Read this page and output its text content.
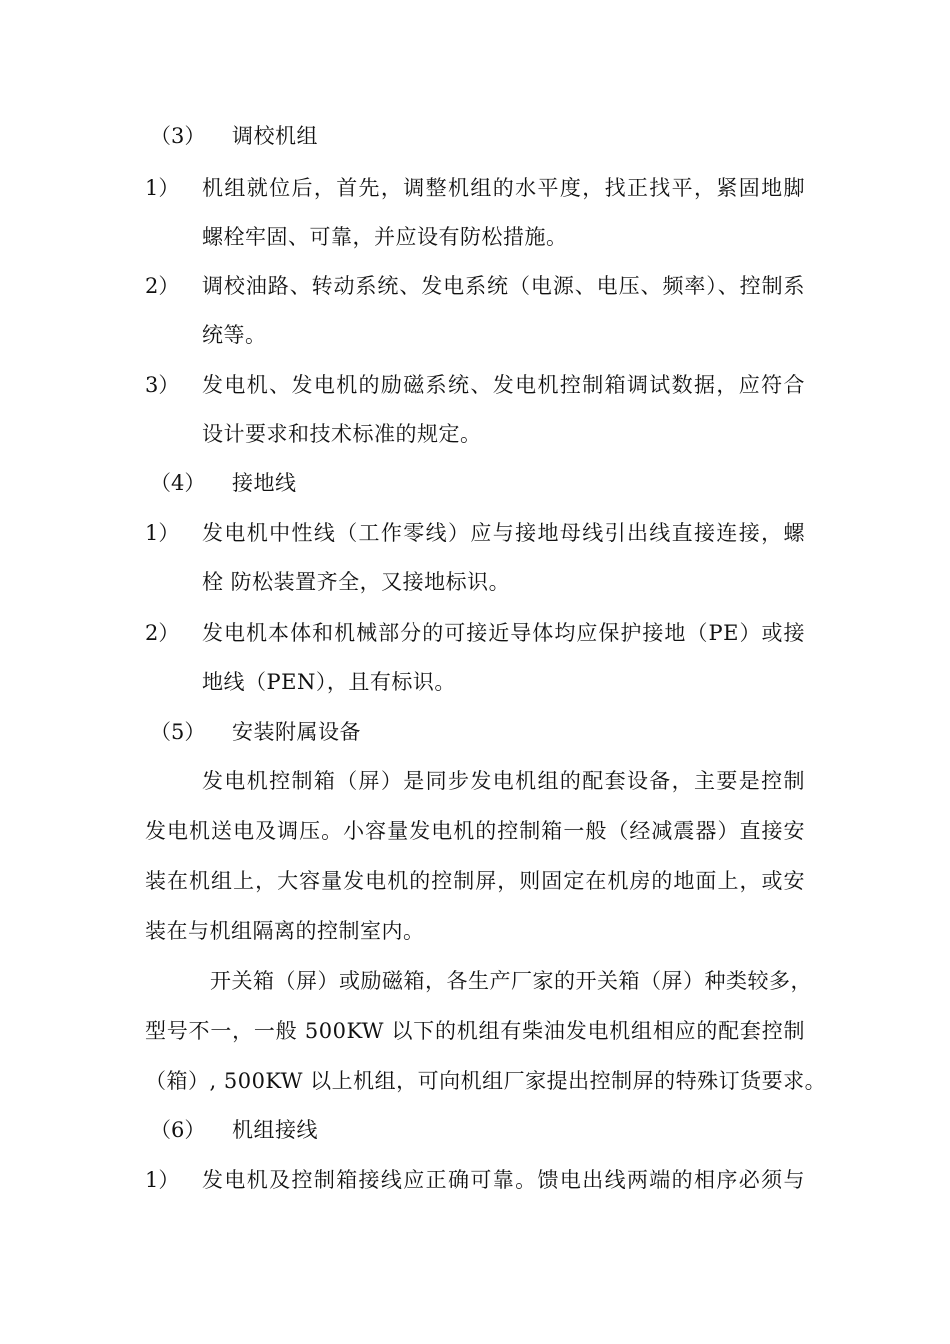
（3） 调校机组
1） 机组就位后，首先，调整机组的水平度，找正找平，紧固地脚
螺栓牢固、可靠，并应设有防松措施。
2） 调校油路、转动系统、发电系统（电源、电压、频率）、控制系
统等。
3） 发电机、发电机的励磁系统、发电机控制箱调试数据，应符合
设计要求和技术标准的规定。
（4） 接地线
1） 发电机中性线（工作零线）应与接地母线引出线直接连接，螺
栓 防松装置齐全，又接地标识。
2） 发电机本体和机械部分的可接近导体均应保护接地（PE）或接
地线（PEN），且有标识。
（5） 安装附属设备
发电机控制箱（屏）是同步发电机组的配套设备，主要是控制
发电机送电及调压。小容量发电机的控制箱一般（经减震器）直接安
装在机组上，大容量发电机的控制屏，则固定在机房的地面上，或安
装在与机组隔离的控制室内。
开关箱（屏）或励磁箱，各生产厂家的开关箱（屏）种类较多，
型号不一，一般 500KW 以下的机组有柴油发电机组相应的配套控制
（箱）, 500KW 以上机组，可向机组厂家提出控制屏的特殊订货要求。
（6） 机组接线
1） 发电机及控制箱接线应正确可靠。馈电出线两端的相序必须与
